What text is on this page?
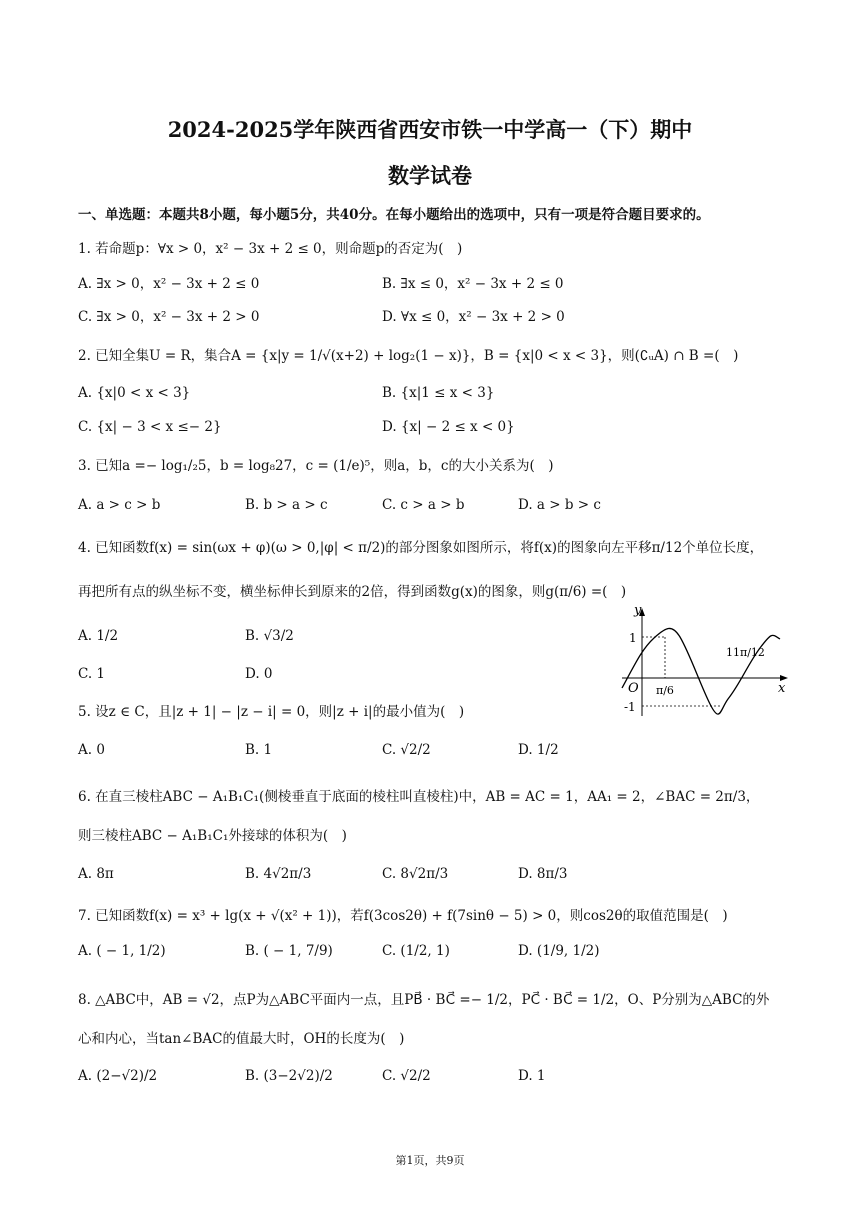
2024-2025学年陕西省西安市铁一中学高一（下）期中
数学试卷
一、单选题：本题共8小题，每小题5分，共40分。在每小题给出的选项中，只有一项是符合题目要求的。
1. 若命题p：∀x > 0，x² − 3x + 2 ≤ 0，则命题p的否定为(　)
A. ∃x > 0，x² − 3x + 2 ≤ 0	B. ∃x ≤ 0，x² − 3x + 2 ≤ 0
C. ∃x > 0，x² − 3x + 2 > 0	D. ∀x ≤ 0，x² − 3x + 2 > 0
2. 已知全集U = R，集合A = {x|y = 1/√(x+2) + log₂(1 − x)}，B = {x|0 < x < 3}，则(∁ᵤA) ∩ B =(　)
A. {x|0 < x < 3}	B. {x|1 ≤ x < 3}
C. {x| − 3 < x ≤− 2}	D. {x| − 2 ≤ x < 0}
3. 已知a =− log₁/₂5，b = log₈27，c = (1/e)⁵，则a，b，c的大小关系为(　)
A. a > c > b	B. b > a > c	C. c > a > b	D. a > b > c
4. 已知函数f(x) = sin(ωx + φ)(ω > 0,|φ| < π/2)的部分图象如图所示，将f(x)的图象向左平移π/12个单位长度，
再把所有点的纵坐标不变，横坐标伸长到原来的2倍，得到函数g(x)的图象，则g(π/6) =(　)
A. 1/2	B. √3/2
C. 1	D. 0
y
x
O
1
-1
π/6
11π/12
5. 设z ∈ C，且|z + 1| − |z − i| = 0，则|z + i|的最小值为(　)
A. 0	B. 1	C. √2/2	D. 1/2
6. 在直三棱柱ABC − A₁B₁C₁(侧棱垂直于底面的棱柱叫直棱柱)中，AB = AC = 1，AA₁ = 2，∠BAC = 2π/3，
则三棱柱ABC − A₁B₁C₁外接球的体积为(　)
A. 8π	B. 4√2π/3	C. 8√2π/3	D. 8π/3
7. 已知函数f(x) = x³ + lg(x + √(x² + 1))，若f(3cos2θ) + f(7sinθ − 5) > 0，则cos2θ的取值范围是(　)
A. ( − 1, 1/2)	B. ( − 1, 7/9)	C. (1/2, 1)	D. (1/9, 1/2)
8. △ABC中，AB = √2，点P为△ABC平面内一点，且PB⃗ · BC⃗ =− 1/2，PC⃗ · BC⃗ = 1/2，O、P分别为△ABC的外
心和内心，当tan∠BAC的值最大时，OH的长度为(　)
A. (2−√2)/2	B. (3−2√2)/2	C. √2/2	D. 1
第1页，共9页
